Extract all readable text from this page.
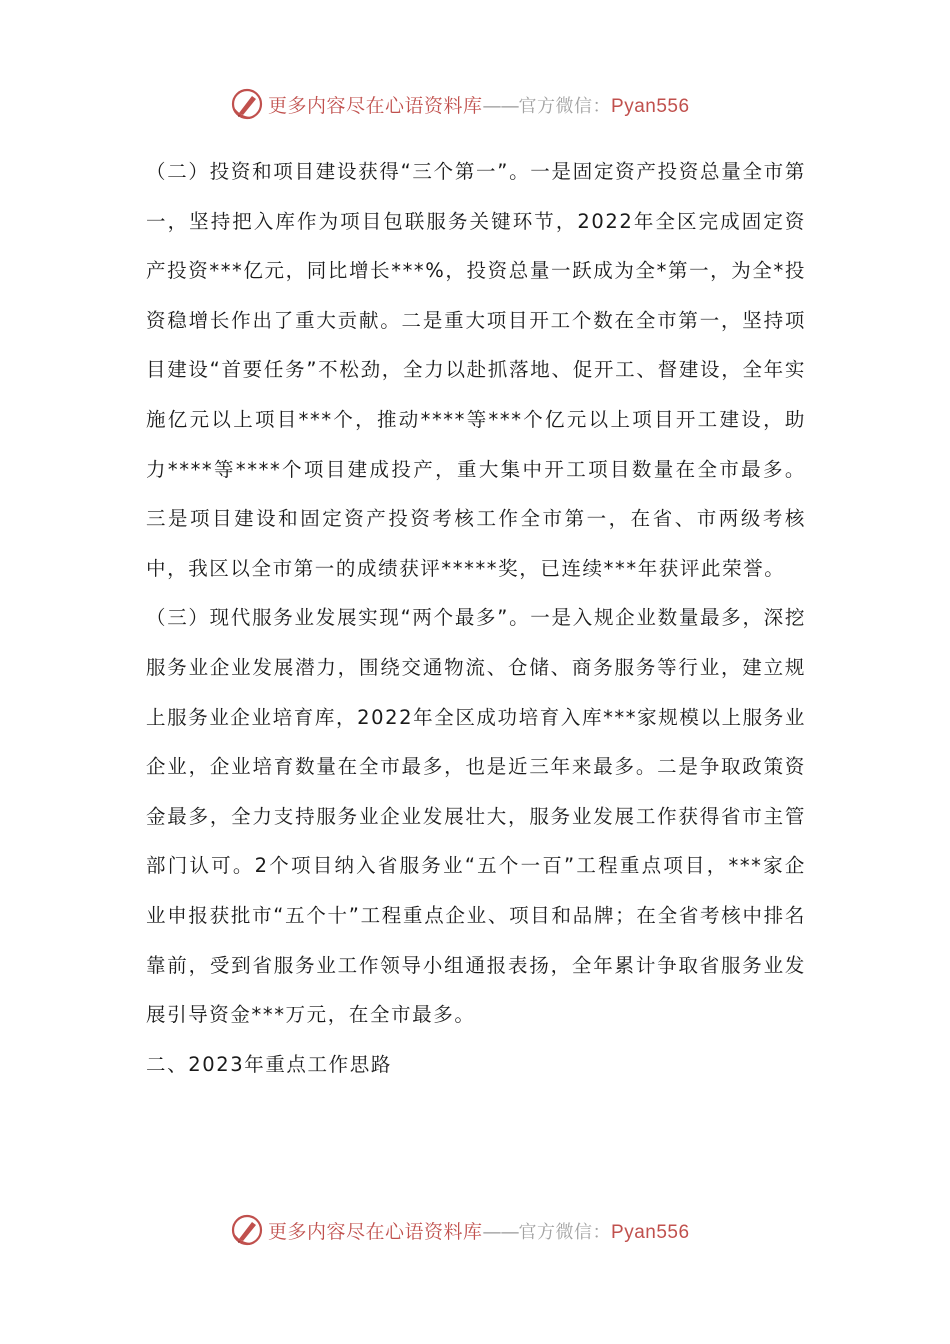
更多内容尽在心语资料库——官方微信：Pyan556

（二）投资和项目建设获得“三个第一”。一是固定资产投资总量全市第一，坚持把入库作为项目包联服务关键环节，2022年全区完成固定资产投资***亿元，同比增长***%，投资总量一跃成为全*第一，为全*投资稳增长作出了重大贡献。二是重大项目开工个数在全市第一，坚持项目建设“首要任务”不松劲，全力以赴抓落地、促开工、督建设，全年实施亿元以上项目***个，推动****等***个亿元以上项目开工建设，助力****等****个项目建成投产，重大集中开工项目数量在全市最多。三是项目建设和固定资产投资考核工作全市第一，在省、市两级考核中，我区以全市第一的成绩获评*****奖，已连续***年获评此荣誉。

（三）现代服务业发展实现“两个最多”。一是入规企业数量最多，深挖服务业企业发展潜力，围绕交通物流、仓储、商务服务等行业，建立规上服务业企业培育库，2022年全区成功培育入库***家规模以上服务业企业，企业培育数量在全市最多，也是近三年来最多。二是争取政策资金最多，全力支持服务业企业发展壮大，服务业发展工作获得省市主管部门认可。2个项目纳入省服务业“五个一百”工程重点项目，***家企业申报获批市“五个十”工程重点企业、项目和品牌；在全省考核中排名靠前，受到省服务业工作领导小组通报表扬，全年累计争取省服务业发展引导资金***万元，在全市最多。

二、2023年重点工作思路

更多内容尽在心语资料库——官方微信：Pyan556
